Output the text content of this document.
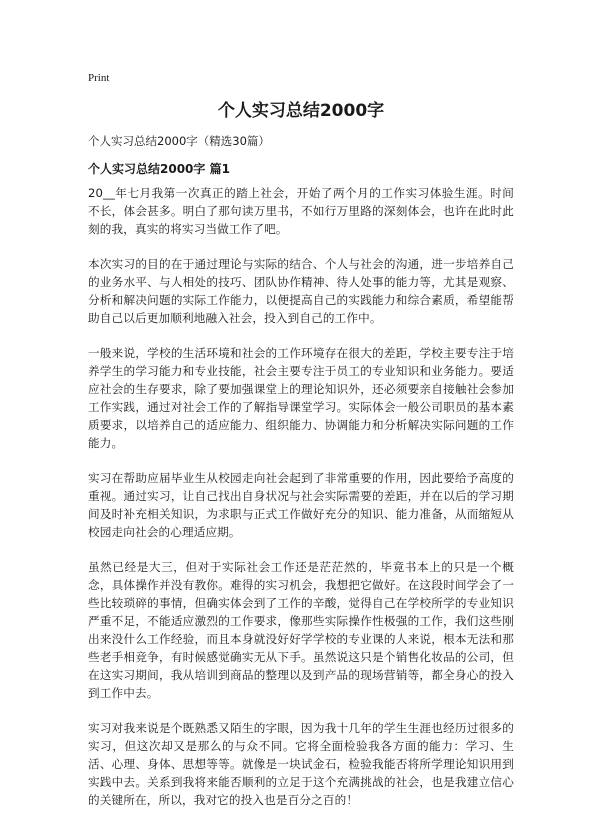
Print
个人实习总结2000字

个人实习总结2000字（精选30篇）

个人实习总结2000字 篇1

20__年七月我第一次真正的踏上社会，开始了两个月的工作实习体验生涯。时间不长，体会甚多。明白了那句读万里书，不如行万里路的深刻体会，也许在此时此刻的我，真实的将实习当做工作了吧。

本次实习的目的在于通过理论与实际的结合、个人与社会的沟通，进一步培养自己的业务水平、与人相处的技巧、团队协作精神、待人处事的能力等，尤其是观察、分析和解决问题的实际工作能力，以便提高自己的实践能力和综合素质，希望能帮助自己以后更加顺利地融入社会，投入到自己的工作中。

一般来说，学校的生活环境和社会的工作环境存在很大的差距，学校主要专注于培养学生的学习能力和专业技能，社会主要专注于员工的专业知识和业务能力。要适应社会的生存要求，除了要加强课堂上的理论知识外，还必须要亲自接触社会参加工作实践，通过对社会工作的了解指导课堂学习。实际体会一般公司职员的基本素质要求，以培养自己的适应能力、组织能力、协调能力和分析解决实际问题的工作能力。

实习在帮助应届毕业生从校园走向社会起到了非常重要的作用，因此要给予高度的重视。通过实习，让自己找出自身状况与社会实际需要的差距，并在以后的学习期间及时补充相关知识，为求职与正式工作做好充分的知识、能力准备，从而缩短从校园走向社会的心理适应期。

虽然已经是大三，但对于实际社会工作还是茫茫然的，毕竟书本上的只是一个概念，具体操作并没有教你。难得的实习机会，我想把它做好。在这段时间学会了一些比较琐碎的事情，但确实体会到了工作的辛酸，觉得自己在学校所学的专业知识严重不足，不能适应激烈的工作要求，像那些实际操作性极强的工作，我们这些刚出来没什么工作经验，而且本身就没好好学学校的专业课的人来说，根本无法和那些老手相竞争，有时候感觉确实无从下手。虽然说这只是个销售化妆品的公司，但在这实习期间，我从培训到商品的整理以及到产品的现场营销等，都全身心的投入到工作中去。

实习对我来说是个既熟悉又陌生的字眼，因为我十几年的学生生涯也经历过很多的实习，但这次却又是那么的与众不同。它将全面检验我各方面的能力：学习、生活、心理、身体、思想等等。就像是一块试金石，检验我能否将所学理论知识用到实践中去。关系到我将来能否顺利的立足于这个充满挑战的社会，也是我建立信心的关键所在，所以，我对它的投入也是百分之百的！
